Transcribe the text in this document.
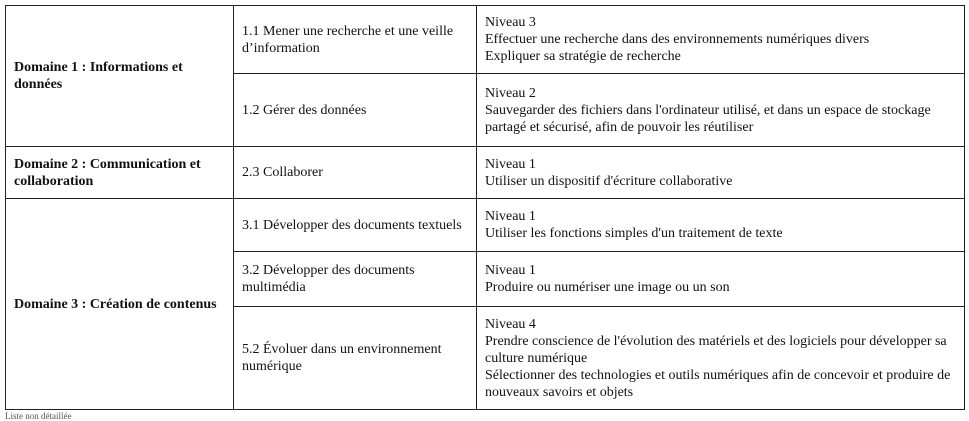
Domaine 1 : Informations et données	1.1 Mener une recherche et une veille d’information	Niveau 3
Effectuer une recherche dans des environnements numériques divers
Expliquer sa stratégie de recherche

	1.2 Gérer des données	Niveau 2
Sauvegarder des fichiers dans l'ordinateur utilisé, et dans un espace de stockage partagé et sécurisé, afin de pouvoir les réutiliser

Domaine 2 : Communication et collaboration	2.3 Collaborer	Niveau 1
Utiliser un dispositif d'écriture collaborative

Domaine 3 : Création de contenus	3.1 Développer des documents textuels	Niveau 1
Utiliser les fonctions simples d'un traitement de texte

	3.2 Développer des documents multimédia	Niveau 1
Produire ou numériser une image ou un son

	5.2 Évoluer dans un environnement numérique	Niveau 4
Prendre conscience de l'évolution des matériels et des logiciels pour développer sa culture numérique
Sélectionner des technologies et outils numériques afin de concevoir et produire de nouveaux savoirs et objets
Liste non détaillée
